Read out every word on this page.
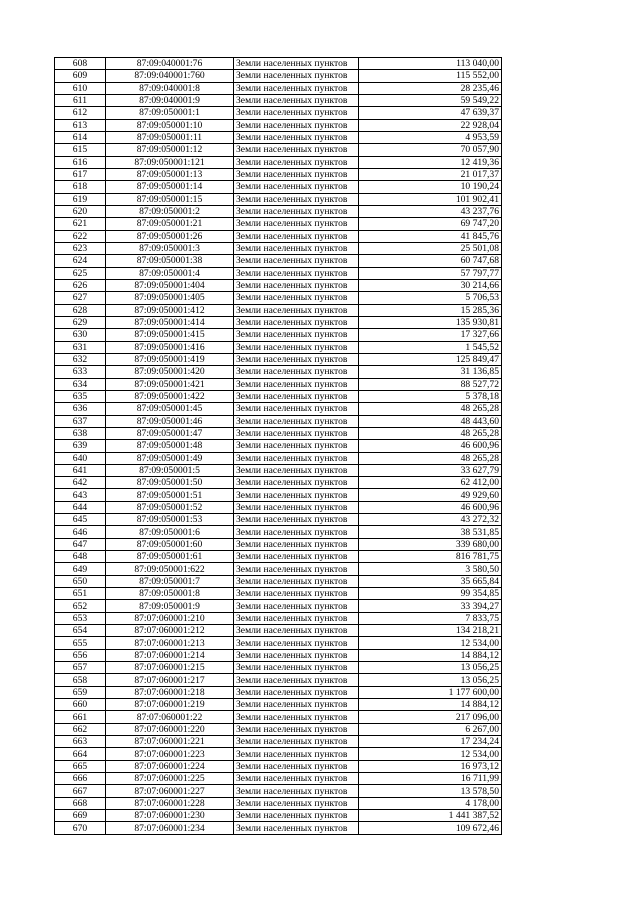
608	87:09:040001:76	Земли населенных пунктов	113 040,00
609	87:09:040001:760	Земли населенных пунктов	115 552,00
610	87:09:040001:8	Земли населенных пунктов	28 235,46
611	87:09:040001:9	Земли населенных пунктов	59 549,22
612	87:09:050001:1	Земли населенных пунктов	47 639,37
613	87:09:050001:10	Земли населенных пунктов	22 928,04
614	87:09:050001:11	Земли населенных пунктов	4 953,59
615	87:09:050001:12	Земли населенных пунктов	70 057,90
616	87:09:050001:121	Земли населенных пунктов	12 419,36
617	87:09:050001:13	Земли населенных пунктов	21 017,37
618	87:09:050001:14	Земли населенных пунктов	10 190,24
619	87:09:050001:15	Земли населенных пунктов	101 902,41
620	87:09:050001:2	Земли населенных пунктов	43 237,76
621	87:09:050001:21	Земли населенных пунктов	69 747,20
622	87:09:050001:26	Земли населенных пунктов	41 845,76
623	87:09:050001:3	Земли населенных пунктов	25 501,08
624	87:09:050001:38	Земли населенных пунктов	60 747,68
625	87:09:050001:4	Земли населенных пунктов	57 797,77
626	87:09:050001:404	Земли населенных пунктов	30 214,66
627	87:09:050001:405	Земли населенных пунктов	5 706,53
628	87:09:050001:412	Земли населенных пунктов	15 285,36
629	87:09:050001:414	Земли населенных пунктов	135 930,81
630	87:09:050001:415	Земли населенных пунктов	17 327,66
631	87:09:050001:416	Земли населенных пунктов	1 545,52
632	87:09:050001:419	Земли населенных пунктов	125 849,47
633	87:09:050001:420	Земли населенных пунктов	31 136,85
634	87:09:050001:421	Земли населенных пунктов	88 527,72
635	87:09:050001:422	Земли населенных пунктов	5 378,18
636	87:09:050001:45	Земли населенных пунктов	48 265,28
637	87:09:050001:46	Земли населенных пунктов	48 443,60
638	87:09:050001:47	Земли населенных пунктов	48 265,28
639	87:09:050001:48	Земли населенных пунктов	46 600,96
640	87:09:050001:49	Земли населенных пунктов	48 265,28
641	87:09:050001:5	Земли населенных пунктов	33 627,79
642	87:09:050001:50	Земли населенных пунктов	62 412,00
643	87:09:050001:51	Земли населенных пунктов	49 929,60
644	87:09:050001:52	Земли населенных пунктов	46 600,96
645	87:09:050001:53	Земли населенных пунктов	43 272,32
646	87:09:050001:6	Земли населенных пунктов	38 531,85
647	87:09:050001:60	Земли населенных пунктов	339 680,00
648	87:09:050001:61	Земли населенных пунктов	816 781,75
649	87:09:050001:622	Земли населенных пунктов	3 580,50
650	87:09:050001:7	Земли населенных пунктов	35 665,84
651	87:09:050001:8	Земли населенных пунктов	99 354,85
652	87:09:050001:9	Земли населенных пунктов	33 394,27
653	87:07:060001:210	Земли населенных пунктов	7 833,75
654	87:07:060001:212	Земли населенных пунктов	134 218,21
655	87:07:060001:213	Земли населенных пунктов	12 534,00
656	87:07:060001:214	Земли населенных пунктов	14 884,12
657	87:07:060001:215	Земли населенных пунктов	13 056,25
658	87:07:060001:217	Земли населенных пунктов	13 056,25
659	87:07:060001:218	Земли населенных пунктов	1 177 600,00
660	87:07:060001:219	Земли населенных пунктов	14 884,12
661	87:07:060001:22	Земли населенных пунктов	217 096,00
662	87:07:060001:220	Земли населенных пунктов	6 267,00
663	87:07:060001:221	Земли населенных пунктов	17 234,24
664	87:07:060001:223	Земли населенных пунктов	12 534,00
665	87:07:060001:224	Земли населенных пунктов	16 973,12
666	87:07:060001:225	Земли населенных пунктов	16 711,99
667	87:07:060001:227	Земли населенных пунктов	13 578,50
668	87:07:060001:228	Земли населенных пунктов	4 178,00
669	87:07:060001:230	Земли населенных пунктов	1 441 387,52
670	87:07:060001:234	Земли населенных пунктов	109 672,46
